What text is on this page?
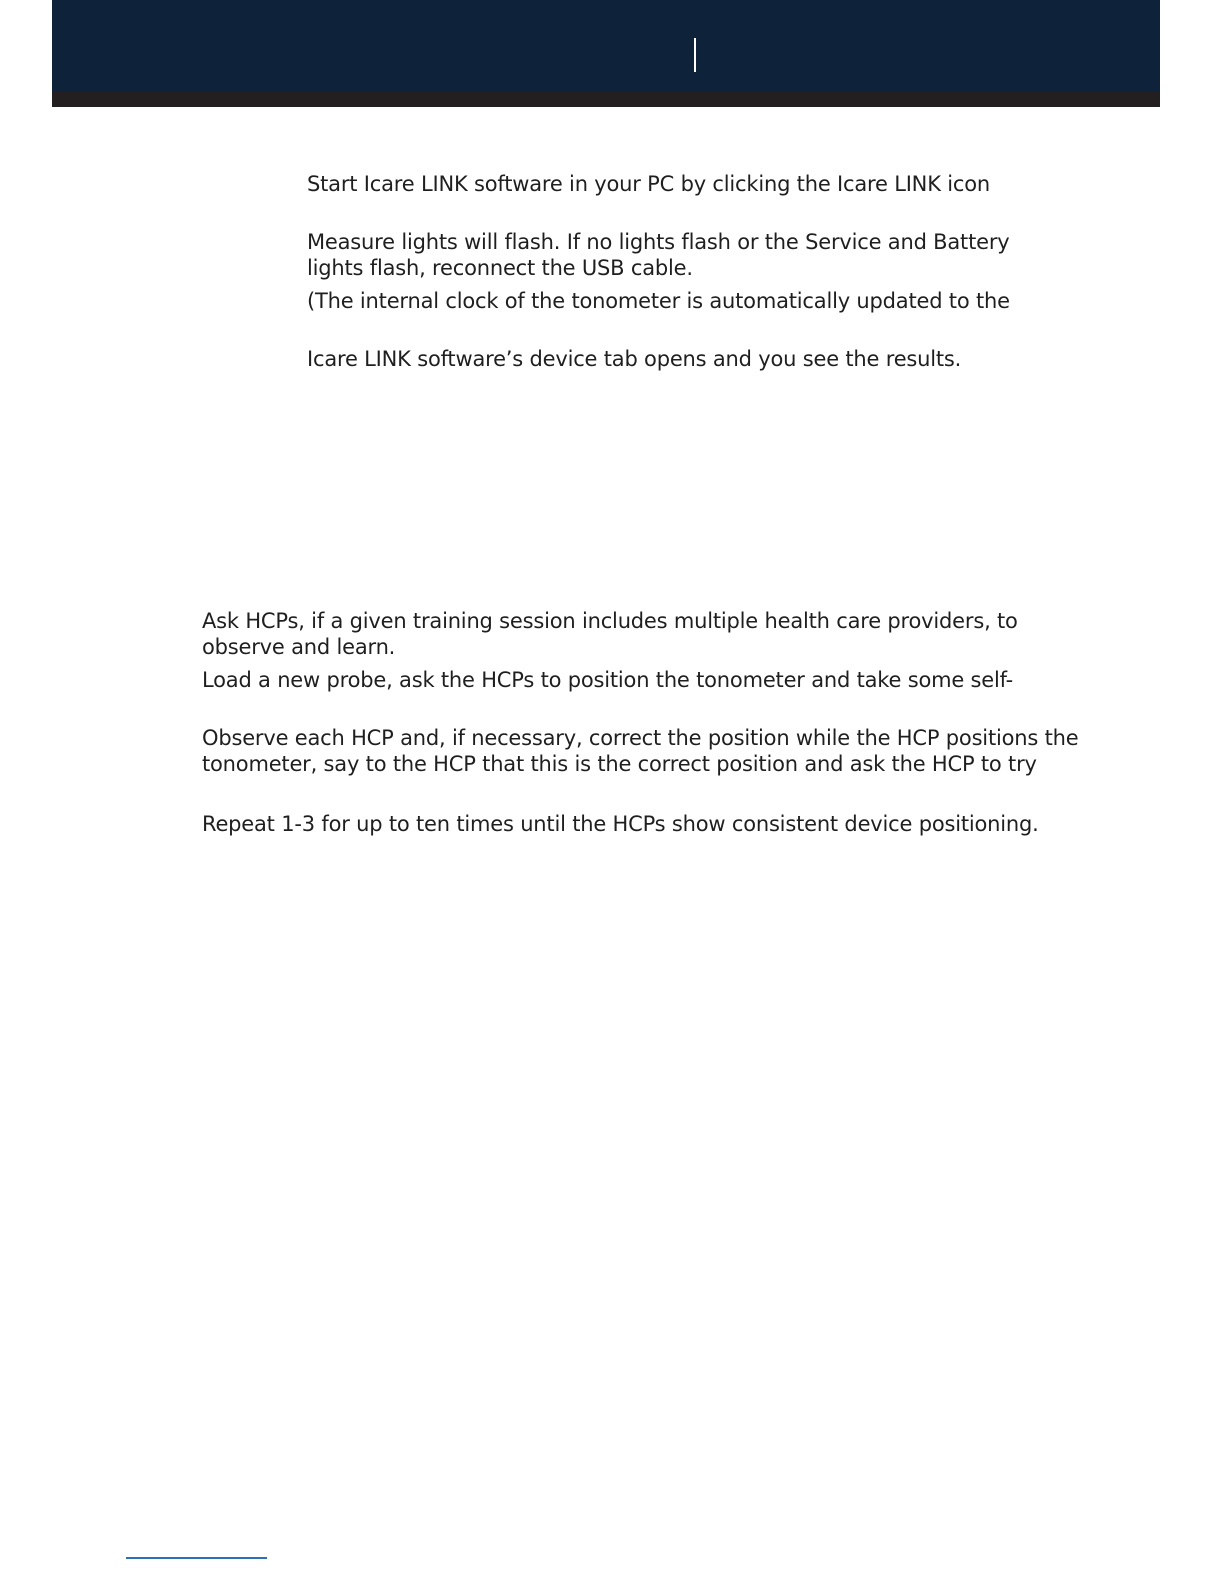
Start Icare LINK software in your PC by clicking the Icare LINK icon

Measure lights will flash. If no lights flash or the Service and Battery
lights flash, reconnect the USB cable.

(The internal clock of the tonometer is automatically updated to the

Icare LINK software’s device tab opens and you see the results.

Ask HCPs, if a given training session includes multiple health care providers, to
observe and learn.

Load a new probe, ask the HCPs to position the tonometer and take some self-

Observe each HCP and, if necessary, correct the position while the HCP positions the
tonometer, say to the HCP that this is the correct position and ask the HCP to try

Repeat 1-3 for up to ten times until the HCPs show consistent device positioning.
